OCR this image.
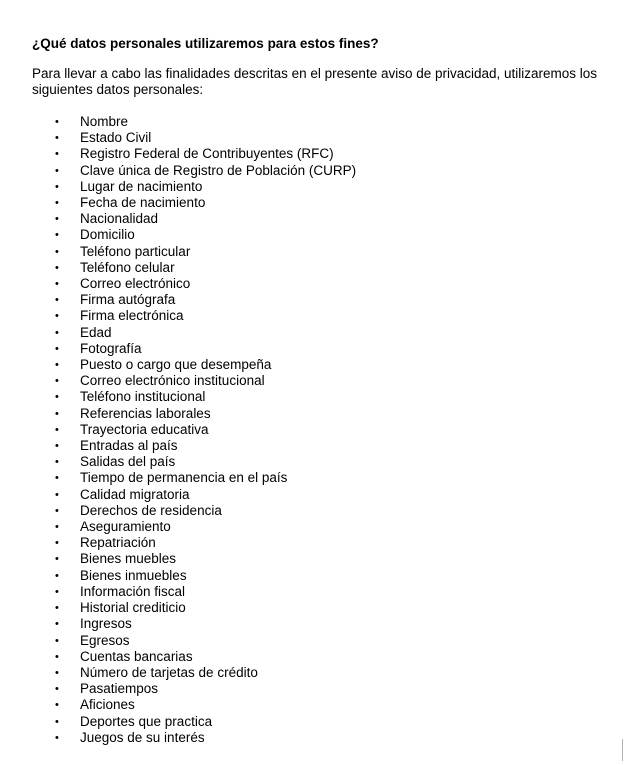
¿Qué datos personales utilizaremos para estos fines?

Para llevar a cabo las finalidades descritas en el presente aviso de privacidad, utilizaremos los siguientes datos personales:

• Nombre
• Estado Civil
• Registro Federal de Contribuyentes (RFC)
• Clave única de Registro de Población (CURP)
• Lugar de nacimiento
• Fecha de nacimiento
• Nacionalidad
• Domicilio
• Teléfono particular
• Teléfono celular
• Correo electrónico
• Firma autógrafa
• Firma electrónica
• Edad
• Fotografía
• Puesto o cargo que desempeña
• Correo electrónico institucional
• Teléfono institucional
• Referencias laborales
• Trayectoria educativa
• Entradas al país
• Salidas del país
• Tiempo de permanencia en el país
• Calidad migratoria
• Derechos de residencia
• Aseguramiento
• Repatriación
• Bienes muebles
• Bienes inmuebles
• Información fiscal
• Historial crediticio
• Ingresos
• Egresos
• Cuentas bancarias
• Número de tarjetas de crédito
• Pasatiempos
• Aficiones
• Deportes que practica
• Juegos de su interés
